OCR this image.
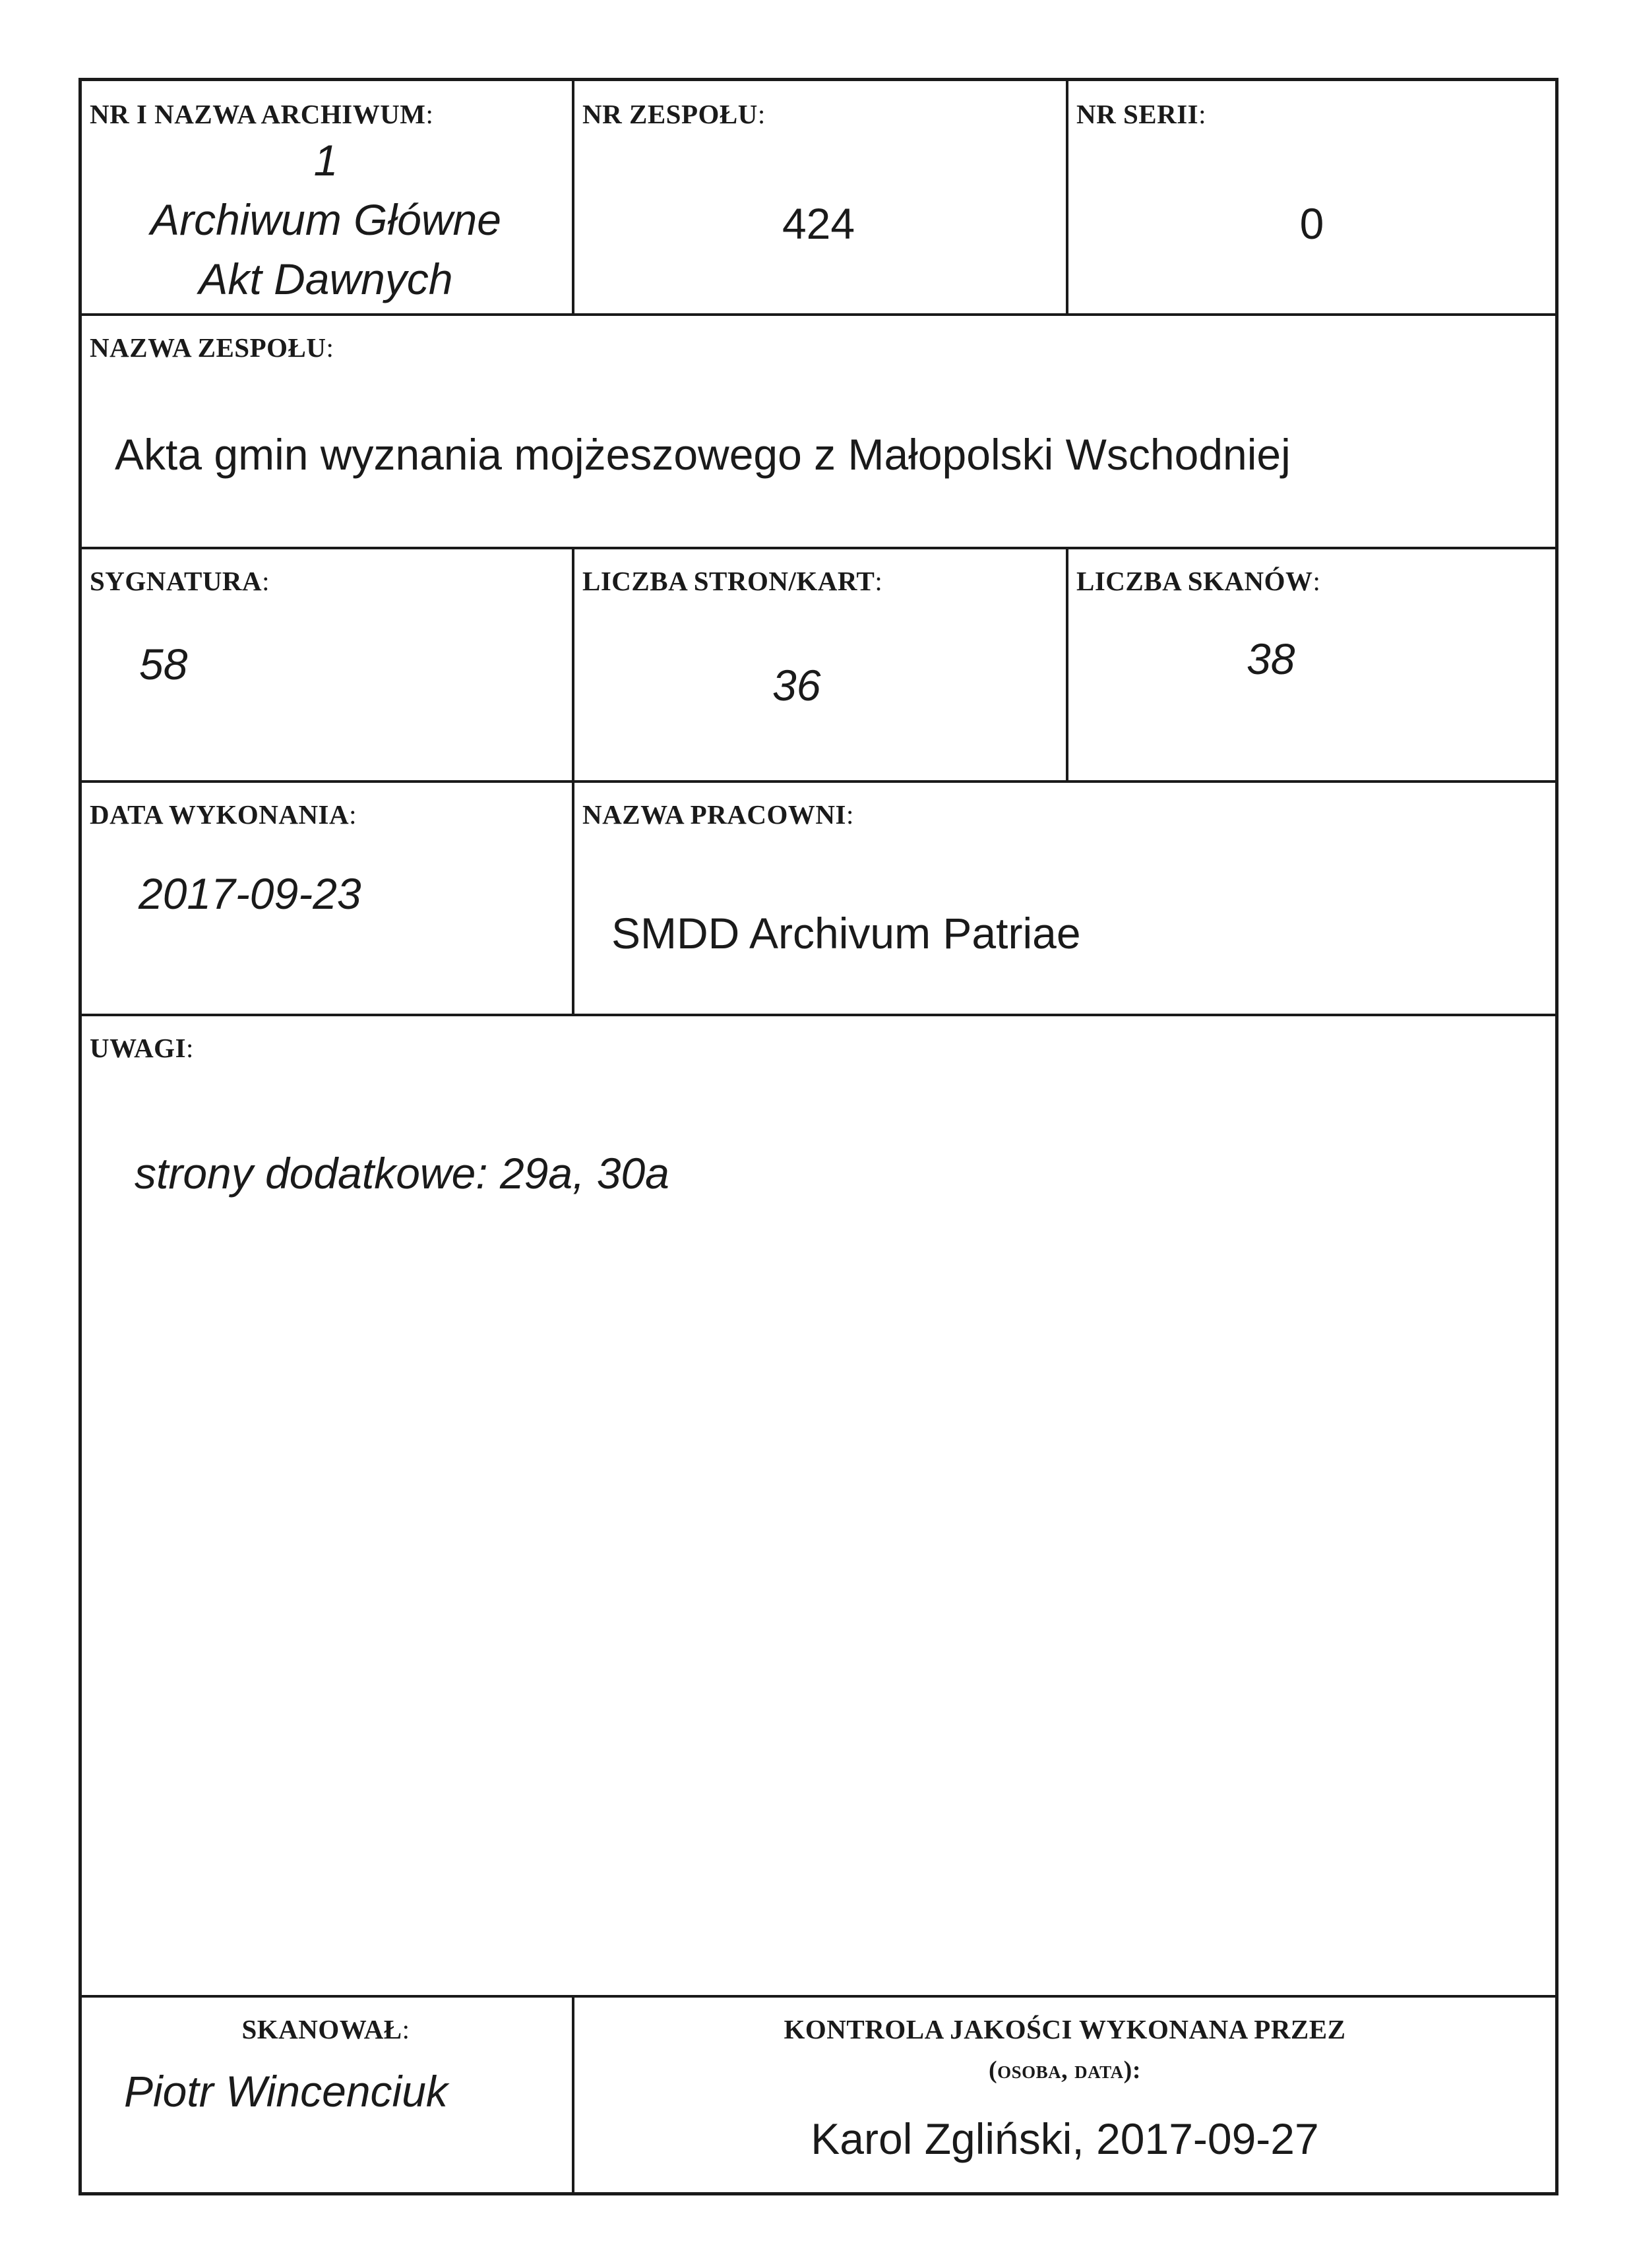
NR I NAZWA ARCHIWUM:
1
Archiwum Główne
Akt Dawnych
NR ZESPOŁU:
424
NR SERII:
0
NAZWA ZESPOŁU:
Akta gmin wyznania mojżeszowego z Małopolski Wschodniej
SYGNATURA:
58
LICZBA STRON/KART:
36
LICZBA SKANÓW:
38
DATA WYKONANIA:
2017-09-23
NAZWA PRACOWNI:
SMDD Archivum Patriae
UWAGI:
strony dodatkowe: 29a, 30a
SKANOWAŁ:
Piotr Wincenciuk
KONTROLA JAKOŚCI WYKONANA PRZEZ
(osoba, data):
Karol Zgliński, 2017-09-27
